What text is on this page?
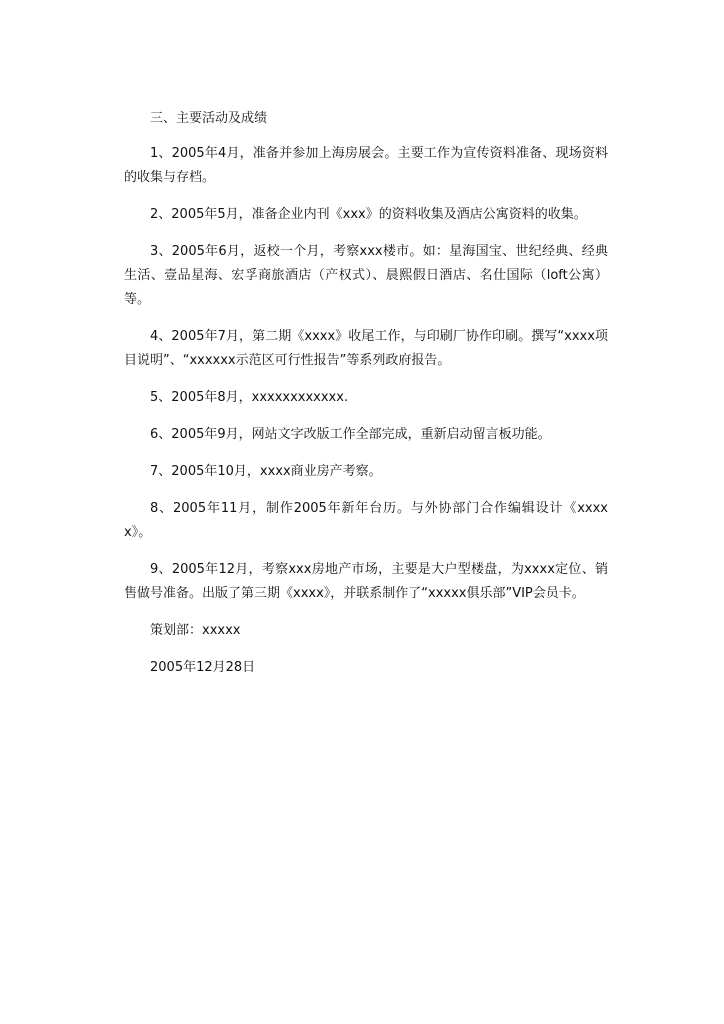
三、主要活动及成绩

1、2005年4月，准备并参加上海房展会。主要工作为宣传资料准备、现场资料的收集与存档。

2、2005年5月，准备企业内刊《xxx》的资料收集及酒店公寓资料的收集。

3、2005年6月，返校一个月，考察xxx楼市。如：星海国宝、世纪经典、经典生活、壹品星海、宏孚商旅酒店（产权式）、晨熙假日酒店、名仕国际（loft公寓）等。

4、2005年7月，第二期《xxxx》收尾工作，与印刷厂协作印刷。撰写“xxxx项目说明”、“xxxxxx示范区可行性报告”等系列政府报告。

5、2005年8月，xxxxxxxxxxxx.

6、2005年9月，网站文字改版工作全部完成，重新启动留言板功能。

7、2005年10月，xxxx商业房产考察。

8、2005年11月，制作2005年新年台历。与外协部门合作编辑设计《xxxxx》。

9、2005年12月，考察xxx房地产市场，主要是大户型楼盘，为xxxx定位、销售做号准备。出版了第三期《xxxx》，并联系制作了“xxxxx俱乐部”VIP会员卡。

策划部：xxxxx

2005年12月28日
